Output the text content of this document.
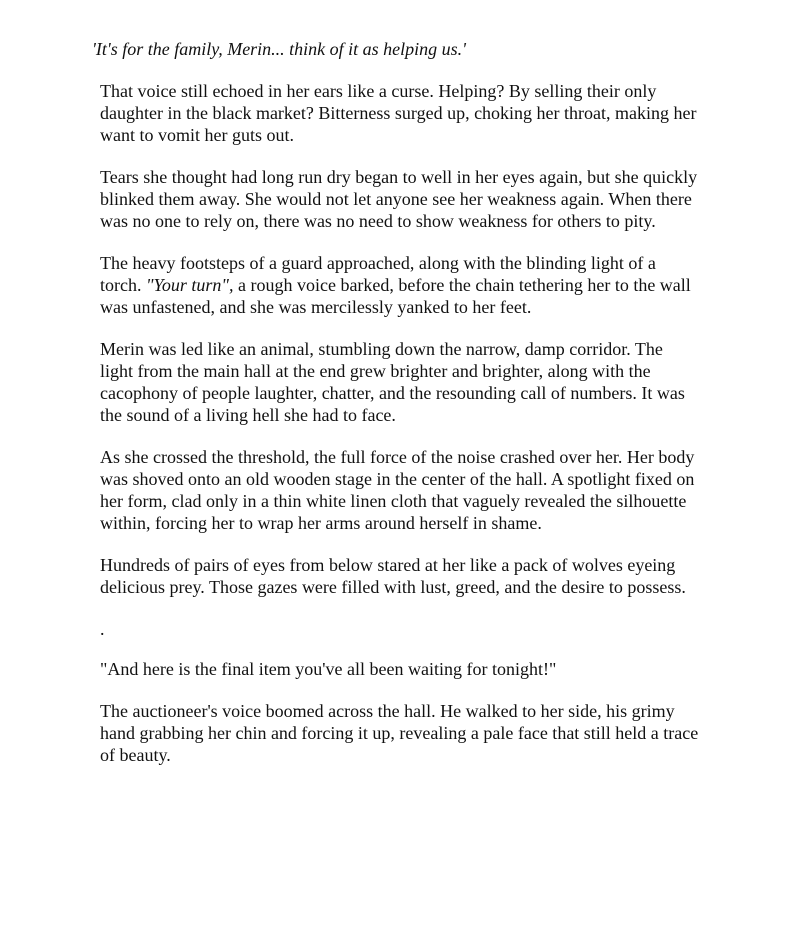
'It's for the family, Merin... think of it as helping us.'

That voice still echoed in her ears like a curse. Helping? By selling their only daughter in the black market? Bitterness surged up, choking her throat, making her want to vomit her guts out.

Tears she thought had long run dry began to well in her eyes again, but she quickly blinked them away. She would not let anyone see her weakness again. When there was no one to rely on, there was no need to show weakness for others to pity.

The heavy footsteps of a guard approached, along with the blinding light of a torch. "Your turn", a rough voice barked, before the chain tethering her to the wall was unfastened, and she was mercilessly yanked to her feet.

Merin was led like an animal, stumbling down the narrow, damp corridor. The light from the main hall at the end grew brighter and brighter, along with the cacophony of people laughter, chatter, and the resounding call of numbers. It was the sound of a living hell she had to face.

As she crossed the threshold, the full force of the noise crashed over her. Her body was shoved onto an old wooden stage in the center of the hall. A spotlight fixed on her form, clad only in a thin white linen cloth that vaguely revealed the silhouette within, forcing her to wrap her arms around herself in shame.

Hundreds of pairs of eyes from below stared at her like a pack of wolves eyeing delicious prey. Those gazes were filled with lust, greed, and the desire to possess.

.

"And here is the final item you've all been waiting for tonight!"

The auctioneer's voice boomed across the hall. He walked to her side, his grimy hand grabbing her chin and forcing it up, revealing a pale face that still held a trace of beauty.
